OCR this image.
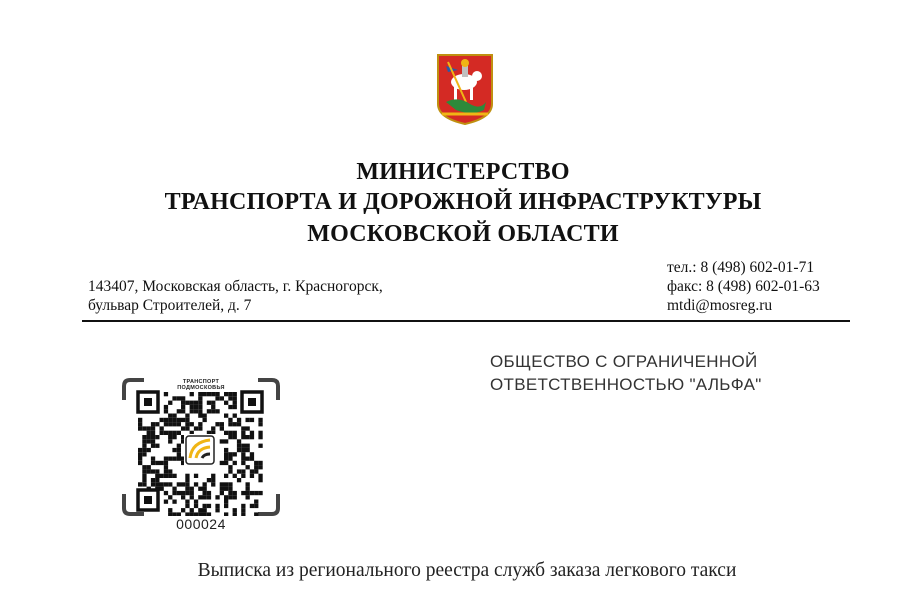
МИНИСТЕРСТВО
ТРАНСПОРТА И ДОРОЖНОЙ ИНФРАСТРУКТУРЫ
МОСКОВСКОЙ ОБЛАСТИ
143407, Московская область, г. Красногорск,
бульвар Строителей, д. 7
тел.: 8 (498) 602-01-71
факс: 8 (498) 602-01-63
mtdi@mosreg.ru
ОБЩЕСТВО С ОГРАНИЧЕННОЙ
ОТВЕТСТВЕННОСТЬЮ "АЛЬФА"
ТРАНСПОРТ
ПОДМОСКОВЬЯ
000024
Выписка из регионального реестра служб заказа легкового такси
